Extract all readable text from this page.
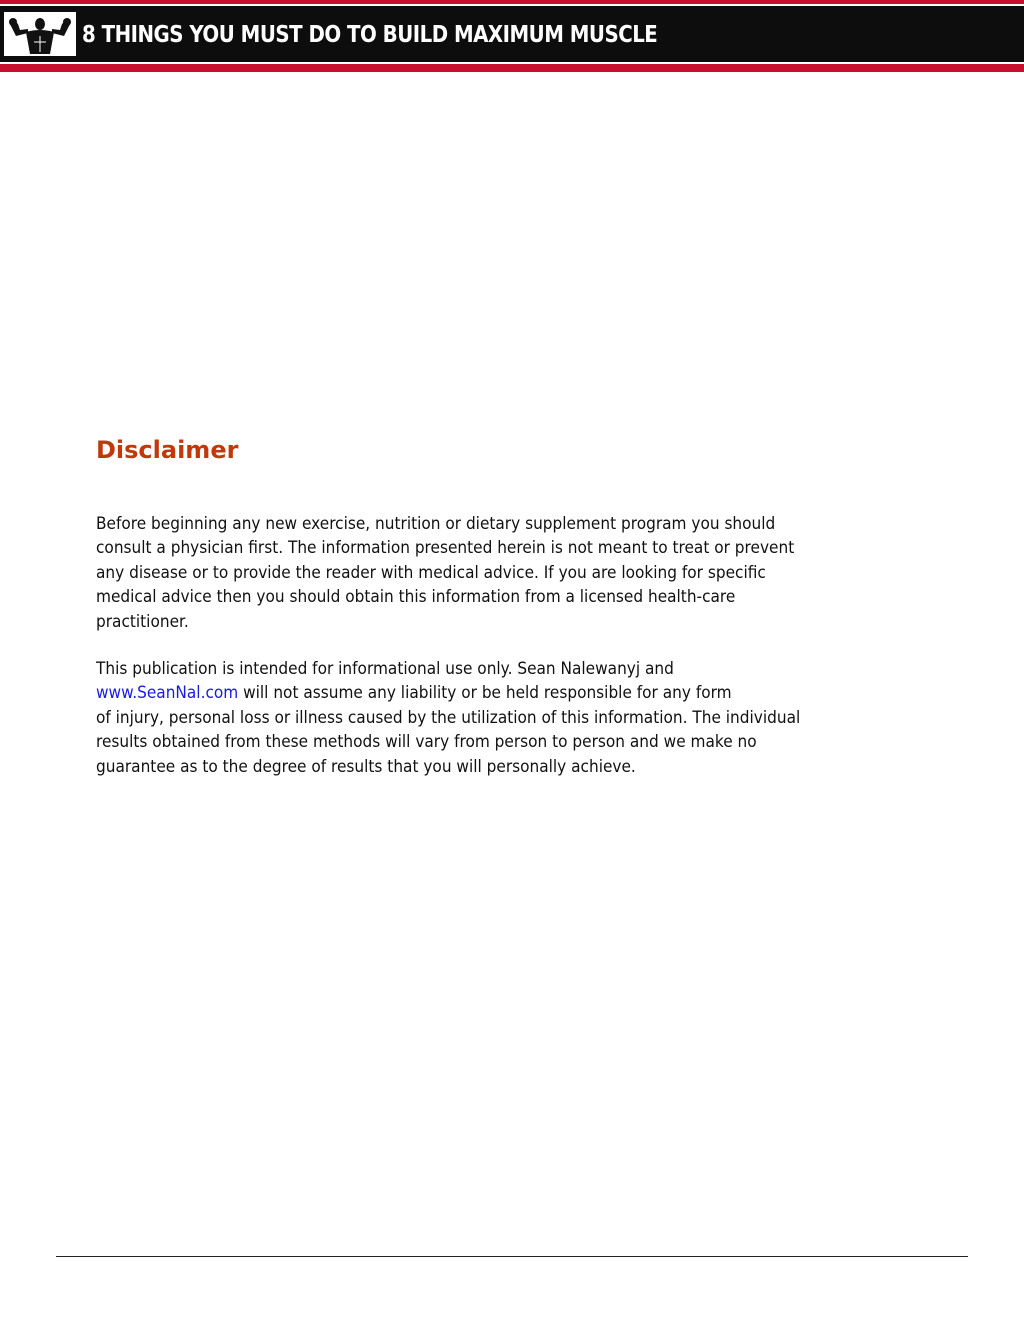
8 THINGS YOU MUST DO TO BUILD MAXIMUM MUSCLE
Disclaimer

Before beginning any new exercise, nutrition or dietary supplement program you should
consult a physician first. The information presented herein is not meant to treat or prevent
any disease or to provide the reader with medical advice. If you are looking for specific
medical advice then you should obtain this information from a licensed health-care
practitioner.

This publication is intended for informational use only. Sean Nalewanyj and
www.SeanNal.com will not assume any liability or be held responsible for any form
of injury, personal loss or illness caused by the utilization of this information. The individual
results obtained from these methods will vary from person to person and we make no
guarantee as to the degree of results that you will personally achieve.
